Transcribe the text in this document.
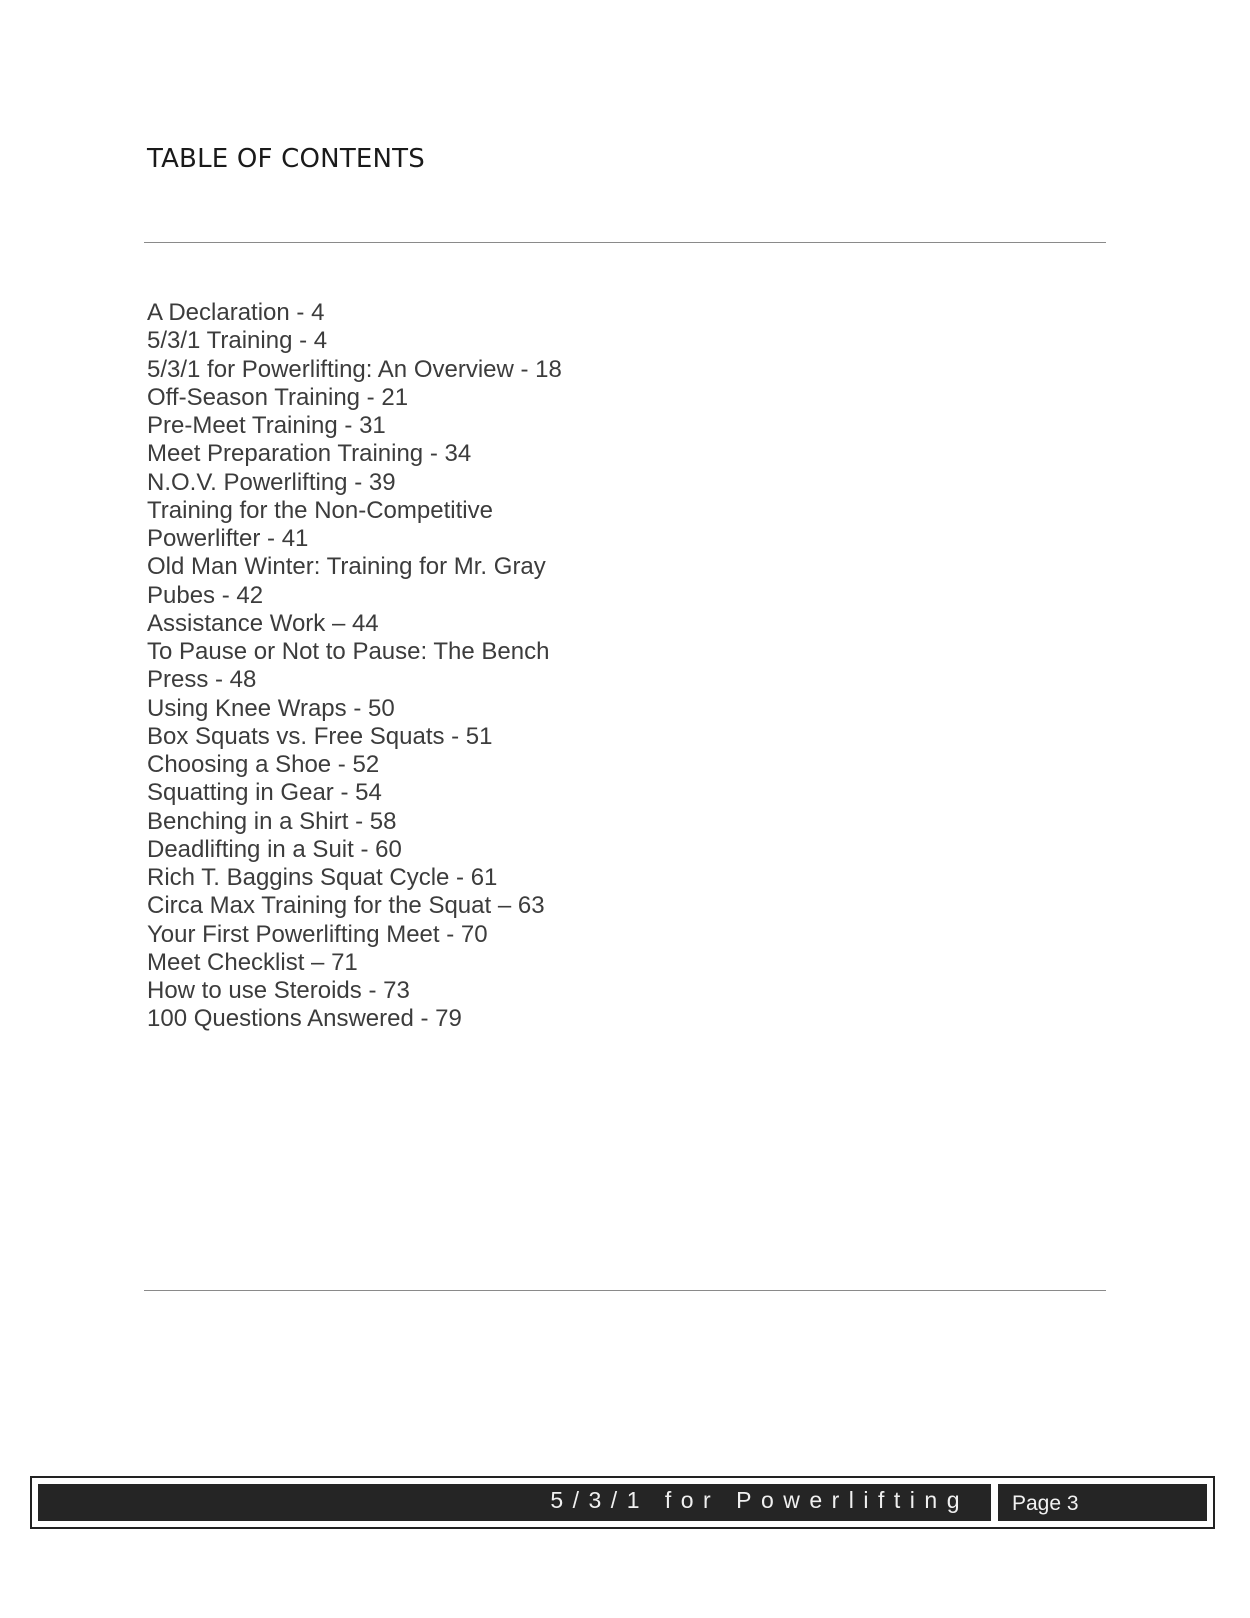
TABLE OF CONTENTS
A Declaration - 4
5/3/1 Training - 4
5/3/1 for Powerlifting: An Overview - 18
Off-Season Training - 21
Pre-Meet Training - 31
Meet Preparation Training - 34
N.O.V. Powerlifting - 39
Training for the Non-Competitive
Powerlifter - 41
Old Man Winter: Training for Mr. Gray
Pubes - 42
Assistance Work – 44
To Pause or Not to Pause: The Bench
Press - 48
Using Knee Wraps - 50
Box Squats vs. Free Squats - 51
Choosing a Shoe - 52
Squatting in Gear - 54
Benching in a Shirt - 58
Deadlifting in a Suit - 60
Rich T. Baggins Squat Cycle - 61
Circa Max Training for the Squat – 63
Your First Powerlifting Meet - 70
Meet Checklist – 71
How to use Steroids - 73
100 Questions Answered - 79
5/3/1 for Powerlifting Page 3
